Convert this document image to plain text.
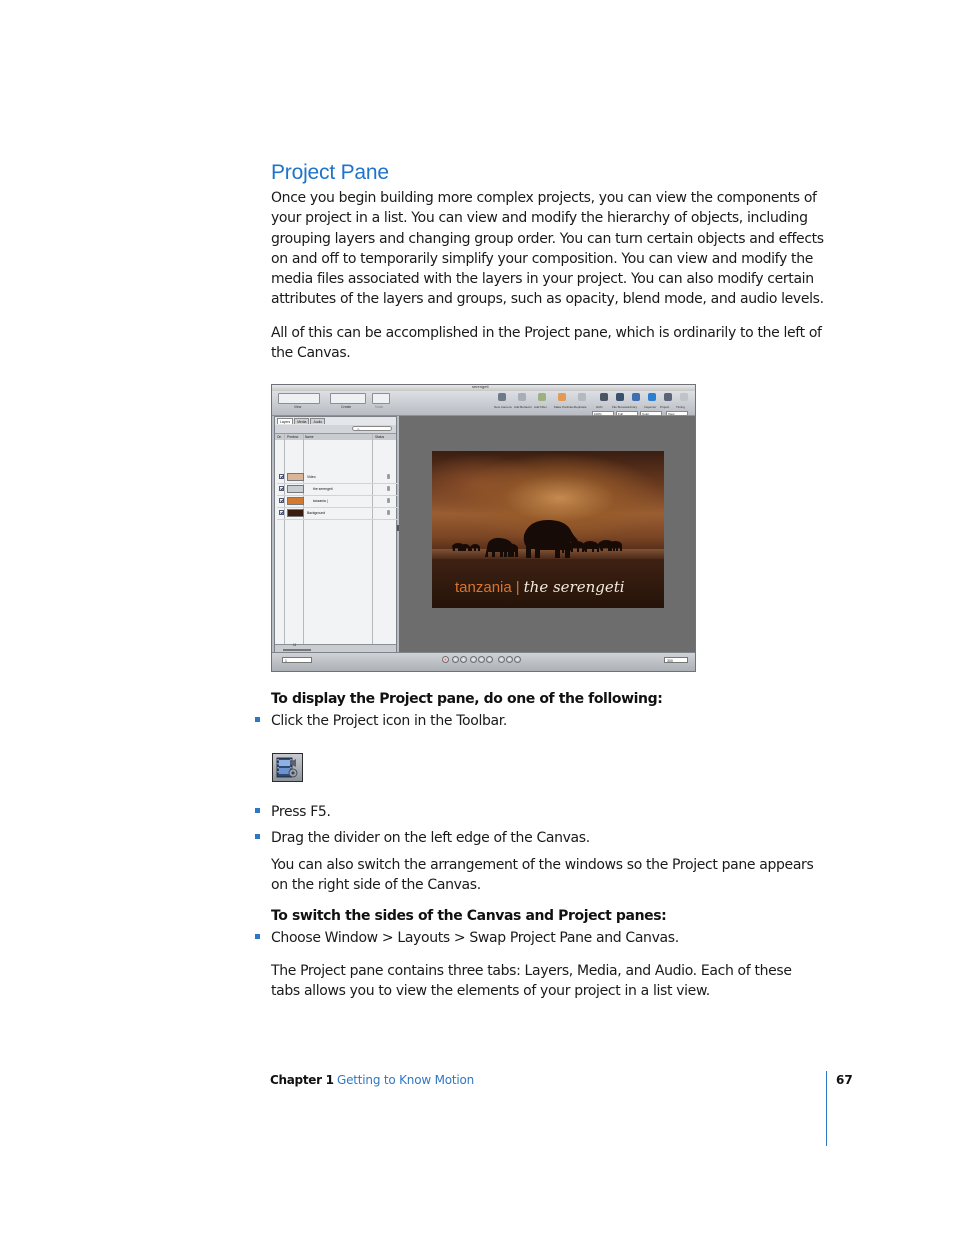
Project Pane

Once you begin building more complex projects, you can view the components of your project in a list. You can view and modify the hierarchy of objects, including grouping layers and changing group order. You can turn certain objects and effects on and off to temporarily simplify your composition. You can view and modify the media files associated with the layers in your project. You can also modify certain attributes of the layers and groups, such as opacity, blend mode, and audio levels.

All of this can be accomplished in the Project pane, which is ordinarily to the left of the Canvas.

serengeti
View	Create	Mask	New Camera Add Behavior Add Filter Make Particles Replicate	HUD	File Browser Library Inspector Project Timing
100%	Full	Color	View
Layers	Media	Audio
Q-
On Preview Name	Status
Video
the serengeti
tanzania |
Background
11
tanzania | the serengeti
1	300

To display the Project pane, do one of the following:

Click the Project icon in the Toolbar.

Press F5.

Drag the divider on the left edge of the Canvas.

You can also switch the arrangement of the windows so the Project pane appears on the right side of the Canvas.

To switch the sides of the Canvas and Project panes:

Choose Window > Layouts > Swap Project Pane and Canvas.

The Project pane contains three tabs: Layers, Media, and Audio. Each of these tabs allows you to view the elements of your project in a list view.

Chapter 1 Getting to Know Motion	67
